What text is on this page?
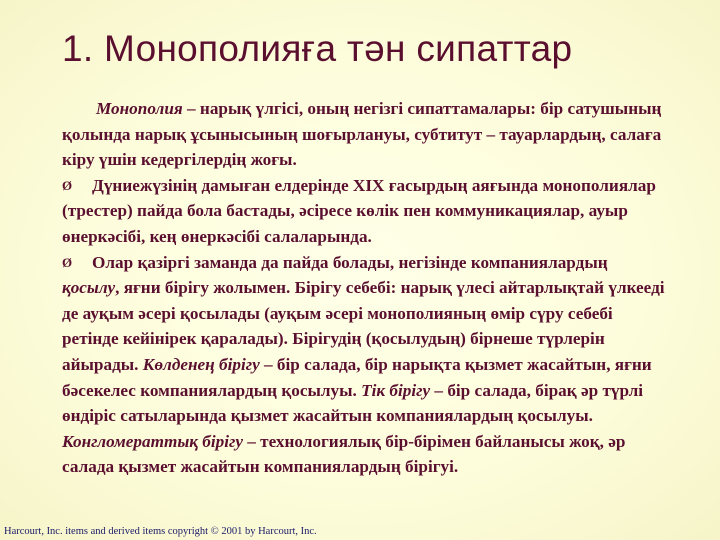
1. Монополияға тән сипаттар

Монополия – нарық үлгісі, оның негізгі сипаттамалары: бір сатушының қолында нарық ұсынысының шоғырлануы, субтитут – тауарлардың, салаға кіру үшін кедергілердің жоғы.

Ø Дүниежүзінің дамыған елдерінде XIX ғасырдың аяғында монополиялар (трестер) пайда бола бастады, әсіресе көлік пен коммуникациялар, ауыр өнеркәсібі, кең өнеркәсібі салаларында.

Ø Олар қазіргі заманда да пайда болады, негізінде компаниялардың қосылу, яғни бірігу жолымен. Бірігу себебі: нарық үлесі айтарлықтай үлкееді де ауқым әсері қосылады (ауқым әсері монополияның өмір сүру себебі ретінде кейінірек қаралады). Бірігудің (қосылудың) бірнеше түрлерін айырады. Көлденең бірігу – бір салада, бір нарықта қызмет жасайтын, яғни бәсекелес компаниялардың қосылуы. Тік бірігу – бір салада, бірақ әр түрлі өндіріс сатыларында қызмет жасайтын компаниялардың қосылуы. Конгломераттық бірігу – технологиялық бір-бірімен байланысы жоқ, әр салада қызмет жасайтын компаниялардың бірігуі.

Harcourt, Inc. items and derived items copyright © 2001 by Harcourt, Inc.
